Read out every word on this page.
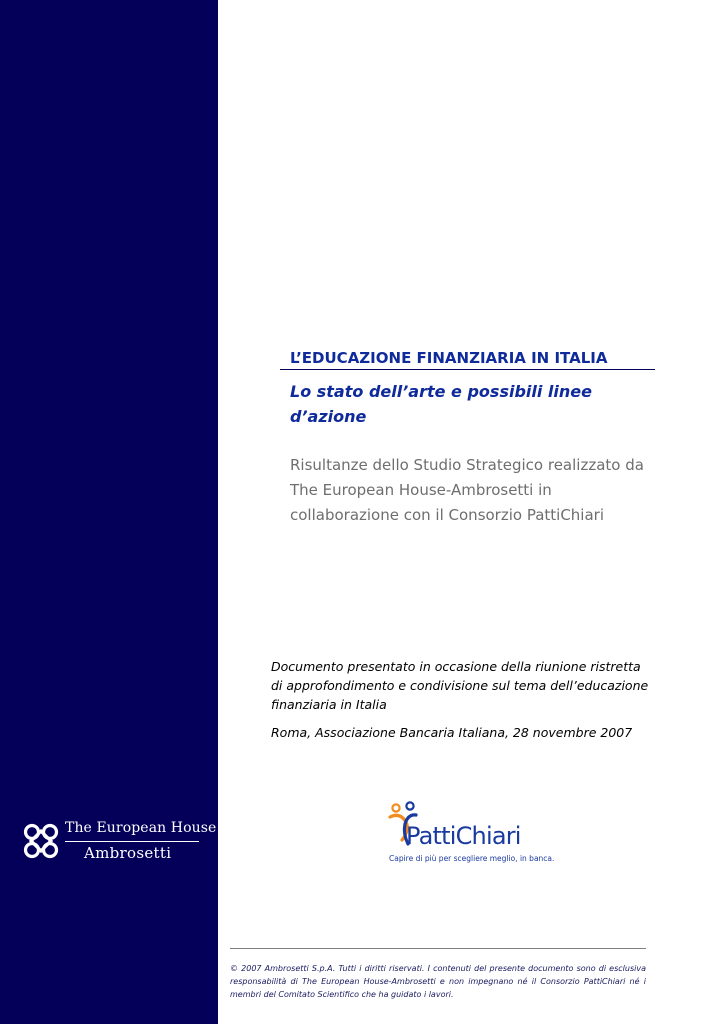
The European House
Ambrosetti
L’EDUCAZIONE FINANZIARIA IN ITALIA
Lo stato dell’arte e possibili linee d’azione
Risultanze dello Studio Strategico realizzato da The European House-Ambrosetti in collaborazione con il Consorzio PattiChiari
Documento presentato in occasione della riunione ristretta di approfondimento e condivisione sul tema dell’educazione finanziaria in Italia
Roma, Associazione Bancaria Italiana, 28 novembre 2007
PattiChiari
Capire di più per scegliere meglio, in banca.
© 2007 Ambrosetti S.p.A. Tutti i diritti riservati. I contenuti del presente documento sono di esclusiva responsabilità di The European House-Ambrosetti e non impegnano né il Consorzio PattiChiari né i membri del Comitato Scientifico che ha guidato i lavori.
